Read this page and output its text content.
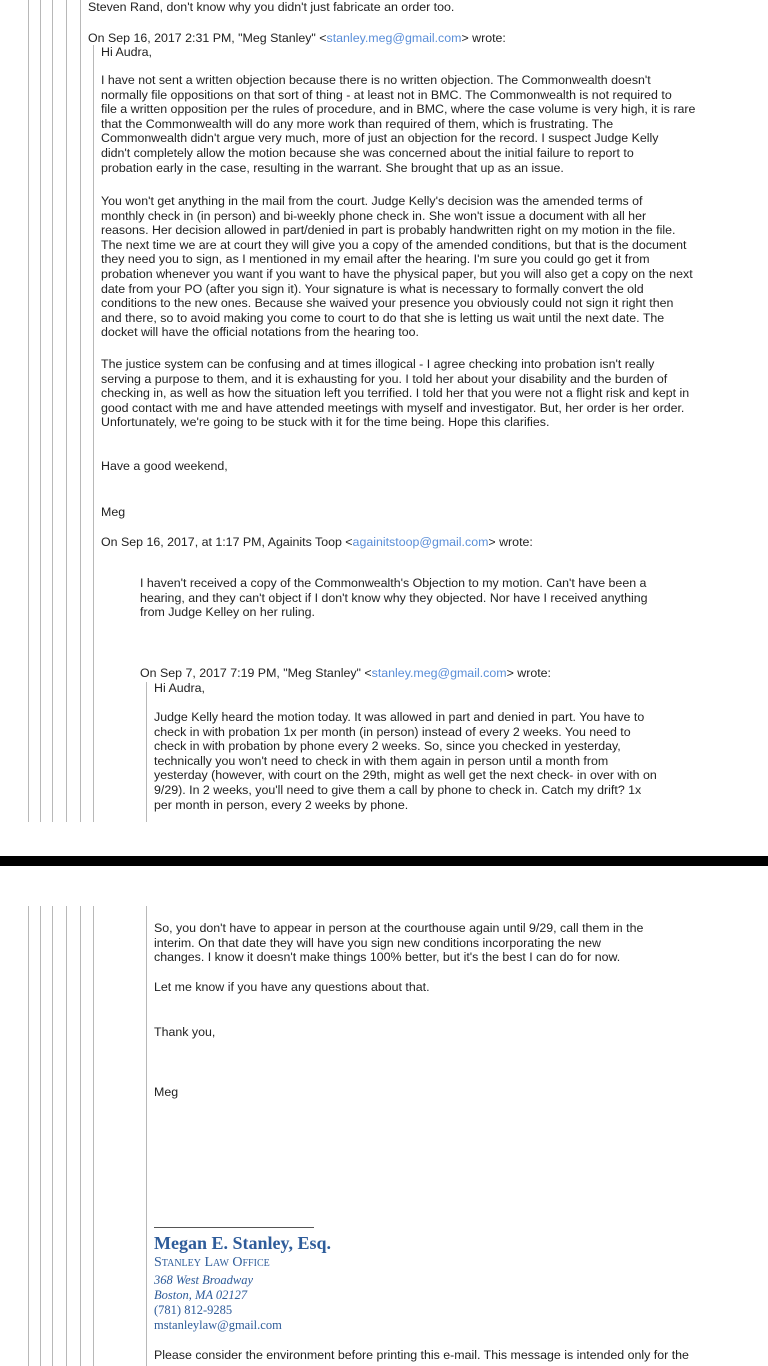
Steven Rand, don't know why you didn't just fabricate an order too.

On Sep 16, 2017 2:31 PM, "Meg Stanley" <stanley.meg@gmail.com> wrote:

Hi Audra,

I have not sent a written objection because there is no written objection. The Commonwealth doesn't
normally file oppositions on that sort of thing - at least not in BMC. The Commonwealth is not required to
file a written opposition per the rules of procedure, and in BMC, where the case volume is very high, it is rare
that the Commonwealth will do any more work than required of them, which is frustrating. The
Commonwealth didn't argue very much, more of just an objection for the record. I suspect Judge Kelly
didn't completely allow the motion because she was concerned about the initial failure to report to
probation early in the case, resulting in the warrant. She brought that up as an issue.

You won't get anything in the mail from the court. Judge Kelly's decision was the amended terms of
monthly check in (in person) and bi-weekly phone check in. She won't issue a document with all her
reasons. Her decision allowed in part/denied in part is probably handwritten right on my motion in the file.
The next time we are at court they will give you a copy of the amended conditions, but that is the document
they need you to sign, as I mentioned in my email after the hearing. I'm sure you could go get it from
probation whenever you want if you want to have the physical paper, but you will also get a copy on the next
date from your PO (after you sign it). Your signature is what is necessary to formally convert the old
conditions to the new ones. Because she waived your presence you obviously could not sign it right then
and there, so to avoid making you come to court to do that she is letting us wait until the next date. The
docket will have the official notations from the hearing too.

The justice system can be confusing and at times illogical - I agree checking into probation isn't really
serving a purpose to them, and it is exhausting for you. I told her about your disability and the burden of
checking in, as well as how the situation left you terrified. I told her that you were not a flight risk and kept in
good contact with me and have attended meetings with myself and investigator. But, her order is her order.
Unfortunately, we're going to be stuck with it for the time being. Hope this clarifies.

Have a good weekend,

Meg

On Sep 16, 2017, at 1:17 PM, Againits Toop <againitstoop@gmail.com> wrote:

I haven't received a copy of the Commonwealth's Objection to my motion. Can't have been a
hearing, and they can't object if I don't know why they objected. Nor have I received anything
from Judge Kelley on her ruling.

On Sep 7, 2017 7:19 PM, "Meg Stanley" <stanley.meg@gmail.com> wrote:

Hi Audra,

Judge Kelly heard the motion today. It was allowed in part and denied in part. You have to
check in with probation 1x per month (in person) instead of every 2 weeks. You need to
check in with probation by phone every 2 weeks. So, since you checked in yesterday,
technically you won't need to check in with them again in person until a month from
yesterday (however, with court on the 29th, might as well get the next check- in over with on
9/29). In 2 weeks, you'll need to give them a call by phone to check in. Catch my drift? 1x
per month in person, every 2 weeks by phone.

So, you don't have to appear in person at the courthouse again until 9/29, call them in the
interim. On that date they will have you sign new conditions incorporating the new
changes. I know it doesn't make things 100% better, but it's the best I can do for now.

Let me know if you have any questions about that.

Thank you,

Meg

Megan E. Stanley, Esq.
Stanley Law Office
368 West Broadway
Boston, MA 02127
(781) 812-9285
mstanleylaw@gmail.com

Please consider the environment before printing this e-mail. This message is intended only for the
